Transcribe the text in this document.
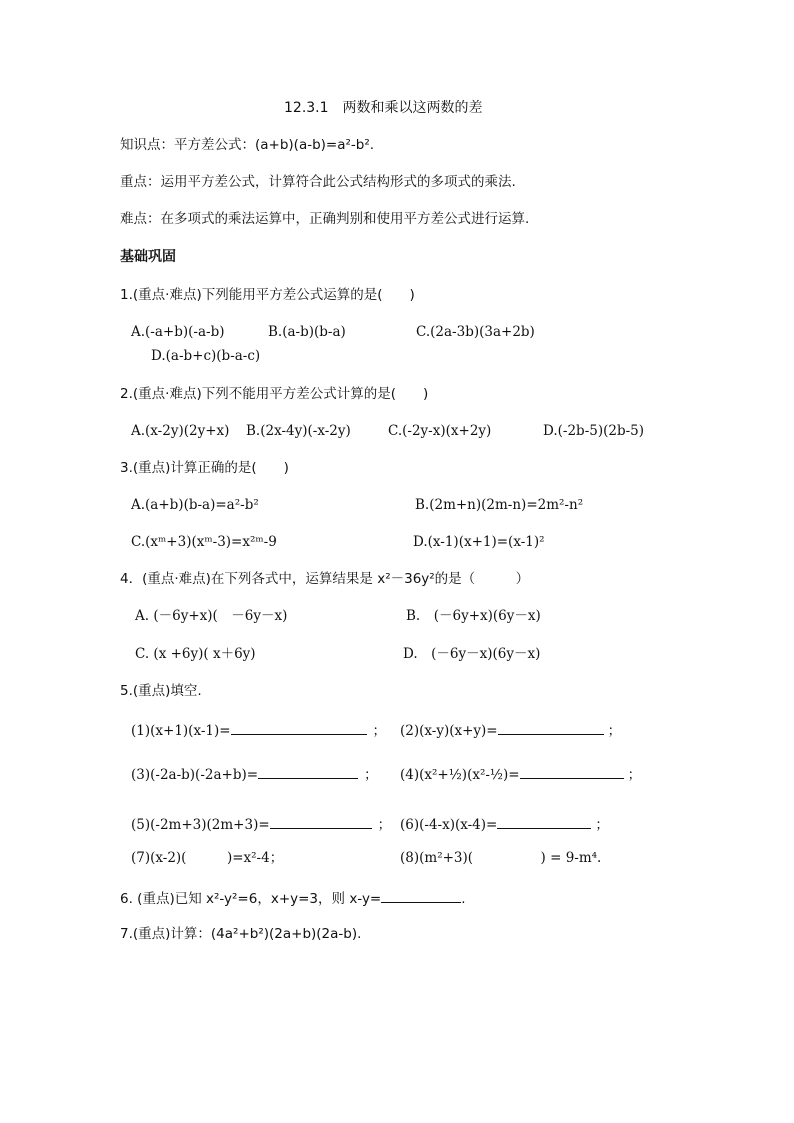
12.3.1　两数和乘以这两数的差
知识点：平方差公式：(a+b)(a-b)=a²-b².
重点：运用平方差公式，计算符合此公式结构形式的多项式的乘法.
难点：在多项式的乘法运算中，正确判别和使用平方差公式进行运算.
基础巩固
1.(重点·难点)下列能用平方差公式运算的是(　　)
A.(-a+b)(-a-b)	B.(a-b)(b-a)	C.(2a-3b)(3a+2b)
D.(a-b+c)(b-a-c)
2.(重点·难点)下列不能用平方差公式计算的是(　　)
A.(x-2y)(2y+x) B.(2x-4y)(-x-2y)	C.(-2y-x)(x+2y)	D.(-2b-5)(2b-5)
3.(重点)计算正确的是(　　)
A.(a+b)(b-a)=a²-b²	B.(2m+n)(2m-n)=2m²-n²
C.(xᵐ+3)(xᵐ-3)=x²ᵐ-9	D.(x-1)(x+1)=(x-1)²
4．(重点·难点)在下列各式中，运算结果是 x²－36y²的是（　　　）
A. (－6y+x)(　－6y－x)	B.　(－6y+x)(6y－x)
C. (x +6y)( x＋6y)	D.　(－6y－x)(6y－x)
5.(重点)填空.
(1)(x+1)(x-1)=	； (2)(x-y)(x+y)=	；
(3)(-2a-b)(-2a+b)=	； (4)(x²+½)(x²-½)=	；
(5)(-2m+3)(2m+3)=	； (6)(-4-x)(x-4)=	；
(7)(x-2)(　　　)=x²-4；	(8)(m²+3)(　　　　　) = 9-m⁴.
6. (重点)已知 x²-y²=6，x+y=3，则 x-y=	.
7.(重点)计算：(4a²+b²)(2a+b)(2a-b).
